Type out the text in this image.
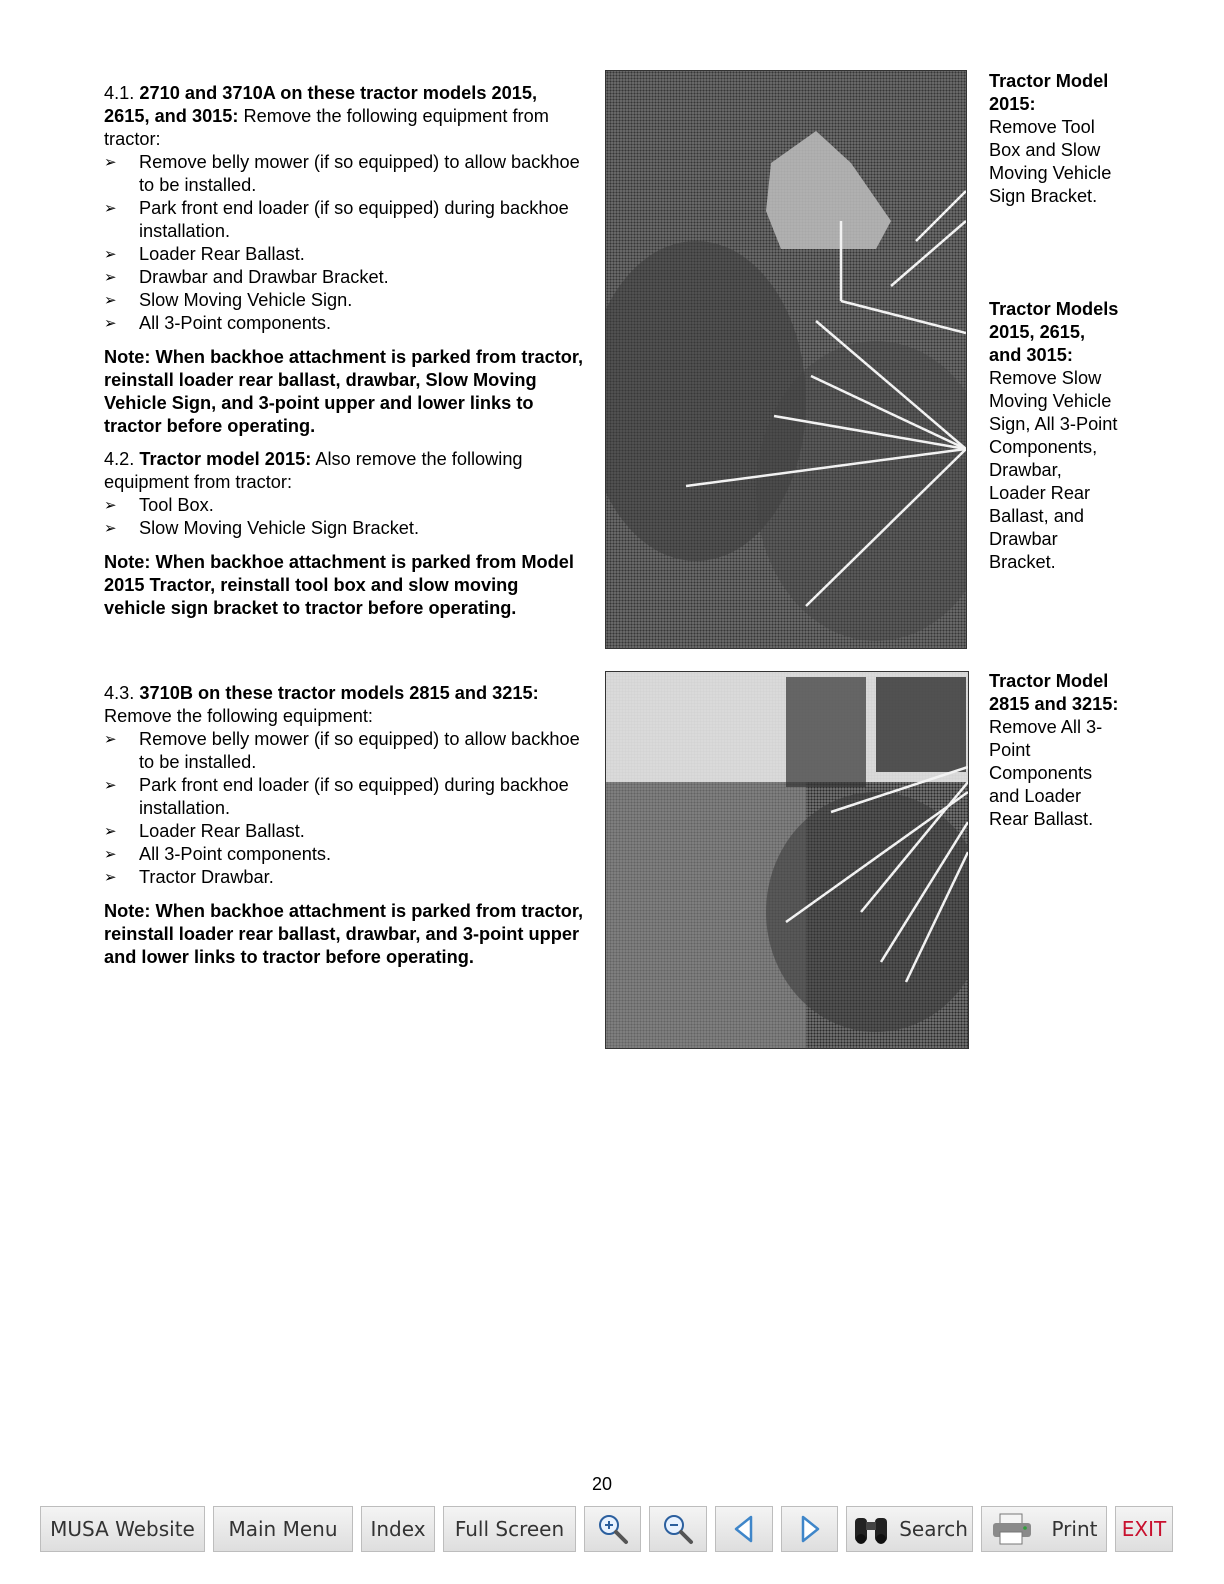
4.1. 2710 and 3710A on these tractor models 2015, 2615, and 3015: Remove the following equipment from tractor:

➢ Remove belly mower (if so equipped) to allow backhoe to be installed.
➢ Park front end loader (if so equipped) during backhoe installation.
➢ Loader Rear Ballast.
➢ Drawbar and Drawbar Bracket.
➢ Slow Moving Vehicle Sign.
➢ All 3-Point components.

Note: When backhoe attachment is parked from tractor, reinstall loader rear ballast, drawbar, Slow Moving Vehicle Sign, and 3-point upper and lower links to tractor before operating.

4.2. Tractor model 2015: Also remove the following equipment from tractor:

➢ Tool Box.
➢ Slow Moving Vehicle Sign Bracket.

Note: When backhoe attachment is parked from Model 2015 Tractor, reinstall tool box and slow moving vehicle sign bracket to tractor before operating.

4.3. 3710B on these tractor models 2815 and 3215: Remove the following equipment:

➢ Remove belly mower (if so equipped) to allow backhoe to be installed.
➢ Park front end loader (if so equipped) during backhoe installation.
➢ Loader Rear Ballast.
➢ All 3-Point components.
➢ Tractor Drawbar.

Note: When backhoe attachment is parked from tractor, reinstall loader rear ballast, drawbar, and 3-point upper and lower links to tractor before operating.

Tractor Model 2015:

Remove Tool Box and Slow Moving Vehicle Sign Bracket.

Tractor Models 2015, 2615, and 3015:

Remove Slow Moving Vehicle Sign, All 3-Point Components, Drawbar, Loader Rear Ballast, and Drawbar Bracket.

Tractor Model 2815 and 3215:

Remove All 3-Point Components and Loader Rear Ballast.

20
MUSA Website	Main Menu	Index	Full Screen	Search	Print	EXIT
